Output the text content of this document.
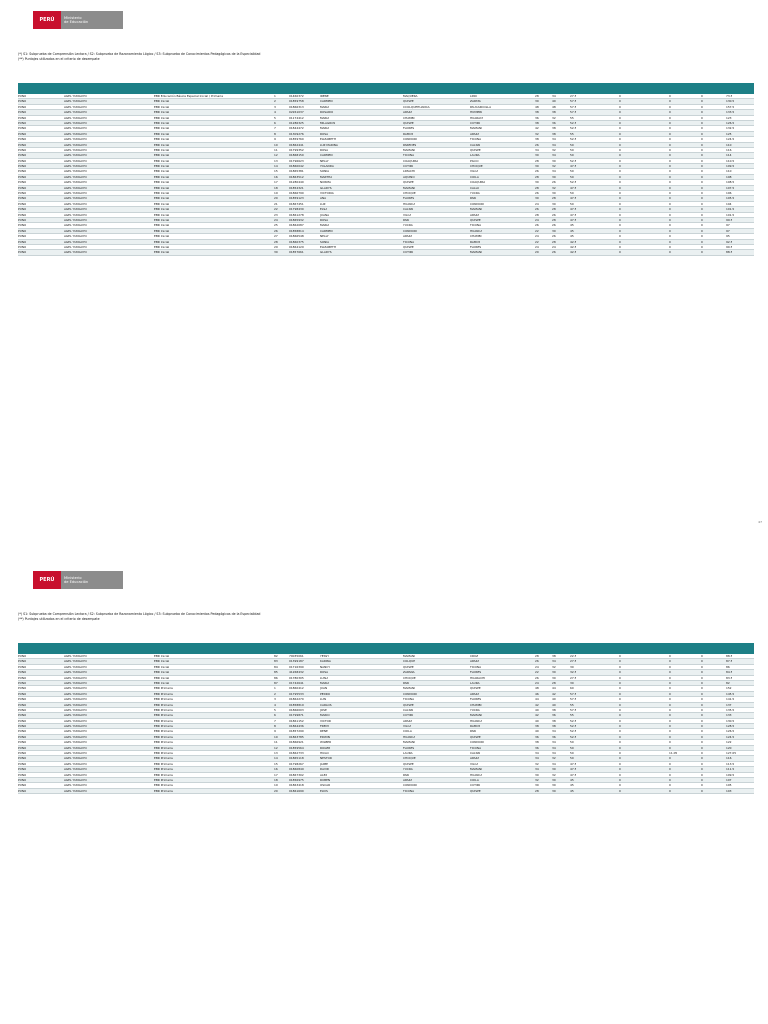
PERÚ	Ministerio
de Educación
(*) S1: Subprueba de Comprensión Lectora / S2: Subprueba de Razonamiento Lógico / S3: Subprueba de Conocimientos Pedagógicos de la Especialidad
(**) Puntajes utilizados en el criterio de desempate
PUNO	AGEL YUNGUYO	EBR Educación Básica Especial Inicial / Primaria	1	01460372	IRENE	MAQUERA	LINO	28	34	27.5	0	0	0	73.5
PUNO	AGEL YUNGUYO	EBR Inicial	2	01859758	CARMEN	QUISPE	ZAPATA	30	40	57.5	0	0	0	130.5
PUNO	AGEL YUNGUYO	EBR Inicial	3	01866313	MARIA	CCOLQUEHUANCA	PAUCARCOLLA	48	48	57.5	0	0	0	157.5
PUNO	AGEL YUNGUYO	EBR Inicial	4	02261037	ROSARIO	APAZA	HUMPIRI	38	38	57.5	0	0	0	133.5
PUNO	AGEL YUNGUYO	EBR Inicial	5	01174412	MARIA	CHAMBI	HUARAYA	36	32	55	0	0	0	123
PUNO	AGEL YUNGUYO	EBR Inicial	6	01286325	MILAGROS	QUISPE	CUTIPA	38	36	52.5	0	0	0	126.5
PUNO	AGEL YUNGUYO	EBR Inicial	7	01844472	MARIA	FLORES	MAMANI	42	38	52.5	0	0	0	132.5
PUNO	AGEL YUNGUYO	EBR Inicial	8	01309276	ROSA	RAMOS	APAZA	32	38	55	0	0	0	125
PUNO	AGEL YUNGUYO	EBR Inicial	9	01859760	ELIZABETH	CONDORI	TICONA	38	34	52.5	0	0	0	124.5
PUNO	AGEL YUNGUYO	EBR Inicial	10	01862441	LUZ MARINA	PAREDES	CALSIN	26	34	50	0	0	0	110
PUNO	AGEL YUNGUYO	EBR Inicial	11	01799352	ROSA	MAMANI	QUISPE	34	32	50	0	0	0	116
PUNO	AGEL YUNGUYO	EBR Inicial	12	01868150	CARMEN	TICONA	LAURA	30	34	50	0	0	0	114
PUNO	AGEL YUNGUYO	EBR Inicial	13	01796623	NELLY	COAQUIRA	PILCO	28	30	52.5	0	0	0	110.5
PUNO	AGEL YUNGUYO	EBR Inicial	14	01860042	YOLANDA	CUTIPA	CHOQUE	30	32	47.5	0	0	0	109.5
PUNO	AGEL YUNGUYO	EBR Inicial	15	01865381	SONIA	LIMACHI	VILCA	26	34	50	0	0	0	110
PUNO	AGEL YUNGUYO	EBR Inicial	16	01863512	MARTHA	AQUINO	COILA	28	30	50	0	0	0	108
PUNO	AGEL YUNGUYO	EBR Inicial	17	01280440	NORMA	QUISPE	COAQUIRA	30	26	52.5	0	0	0	108.5
PUNO	AGEL YUNGUYO	EBR Inicial	18	01854321	GLADYS	MAMANI	CALLO	28	32	47.5	0	0	0	107.5
PUNO	AGEL YUNGUYO	EBR Inicial	19	01866790	VICTORIA	CHOQUE	YUCRA	26	30	50	0	0	0	106
PUNO	AGEL YUNGUYO	EBR Inicial	20	01859123	ANA	FLORES	PARI	30	28	47.5	0	0	0	105.5
PUNO	AGEL YUNGUYO	EBR Inicial	21	01867451	LUZ	HUANCA	CONDORI	24	30	50	0	0	0	104
PUNO	AGEL YUNGUYO	EBR Inicial	22	01798430	ELSA	CALSIN	MAMANI	26	28	47.5	0	0	0	101.5
PUNO	AGEL YUNGUYO	EBR Inicial	23	01861278	JUANA	VILCA	APAZA	28	26	47.5	0	0	0	101.5
PUNO	AGEL YUNGUYO	EBR Inicial	24	01865932	ROSA	PARI	QUISPE	24	28	47.5	0	0	0	99.5
PUNO	AGEL YUNGUYO	EBR Inicial	25	01862087	MARIA	YUCRA	TICONA	26	26	45	0	0	0	97
PUNO	AGEL YUNGUYO	EBR Inicial	26	01858814	CARMEN	CONDORI	HUANCA	22	30	45	0	0	0	97
PUNO	AGEL YUNGUYO	EBR Inicial	27	01866548	NELLY	APAZA	CHAMBI	24	26	45	0	0	0	95
PUNO	AGEL YUNGUYO	EBR Inicial	28	01860375	SONIA	TICONA	RAMOS	22	28	42.5	0	0	0	92.5
PUNO	AGEL YUNGUYO	EBR Inicial	29	01864129	ELIZABETH	QUISPE	FLORES	24	24	42.5	0	0	0	90.5
PUNO	AGEL YUNGUYO	EBR Inicial	30	01857661	GLADYS	CUTIPA	MAMANI	20	26	42.5	0	0	0	88.5
47
PERÚ	Ministerio
de Educación
(*) S1: Subprueba de Comprensión Lectora / S2: Subprueba de Razonamiento Lógico / S3: Subprueba de Conocimientos Pedagógicos de la Especialidad
(**) Puntajes utilizados en el criterio de desempate
PUNO	AGEL YUNGUYO	EBR Inicial	82	70035061	YESSY	MAMANI	CRUZ	28	38	22.5	0	0	0	88.5
PUNO	AGEL YUNGUYO	EBR Inicial	83	01399187	KARINA	COLQUE	APAZA	26	34	27.5	0	0	0	87.5
PUNO	AGEL YUNGUYO	EBR Inicial	84	01716390	NANCY	QUISPE	TICONA	24	32	30	0	0	0	86
PUNO	AGEL YUNGUYO	EBR Inicial	85	41268432	ROSA	ZAPANA	FLORES	22	30	32.5	0	0	0	84.5
PUNO	AGEL YUNGUYO	EBR Inicial	86	01780305	LUISA	CHOQUE	HUARACHI	26	30	27.5	0	0	0	83.5
PUNO	AGEL YUNGUYO	EBR Inicial	87	01742641	MARIA	PARI	LAURA	24	28	30	0	0	0	82
PUNO	AGEL YUNGUYO	EBR Primaria	1	01860412	JUAN	MAMANI	QUISPE	48	44	60	0	0	0	152
PUNO	AGEL YUNGUYO	EBR Primaria	2	01795533	PEDRO	CONDORI	APAZA	46	42	57.5	0	0	0	145.5
PUNO	AGEL YUNGUYO	EBR Primaria	3	01862270	LUIS	TICONA	FLORES	44	40	57.5	0	0	0	141.5
PUNO	AGEL YUNGUYO	EBR Primaria	4	01858819	CARLOS	QUISPE	CHAMBI	42	40	55	0	0	0	137
PUNO	AGEL YUNGUYO	EBR Primaria	5	01866003	JOSE	CALSIN	YUCRA	40	38	57.5	0	0	0	135.5
PUNO	AGEL YUNGUYO	EBR Primaria	6	01799871	MARIO	CUTIPA	MAMANI	42	36	55	0	0	0	133
PUNO	AGEL YUNGUYO	EBR Primaria	7	01861152	VICTOR	APAZA	HUANCA	40	38	52.5	0	0	0	130.5
PUNO	AGEL YUNGUYO	EBR Primaria	8	01864436	FREDY	VILCA	RAMOS	38	38	52.5	0	0	0	128.5
PUNO	AGEL YUNGUYO	EBR Primaria	9	01857290	RENE	COILA	PARI	40	34	52.5	0	0	0	126.5
PUNO	AGEL YUNGUYO	EBR Primaria	10	01863785	EDWIN	HUANCA	QUISPE	36	36	52.5	0	0	0	124.5
PUNO	AGEL YUNGUYO	EBR Primaria	11	01866921	WILBER	MAMANI	CONDORI	38	34	50	0	0	0	122
PUNO	AGEL YUNGUYO	EBR Primaria	12	01859564	ROGER	FLORES	TICONA	36	34	50	0	0	0	120
PUNO	AGEL YUNGUYO	EBR Primaria	13	01862733	HUGO	LAURA	CALSIN	34	34	50	0	11.05	0	127.05
PUNO	AGEL YUNGUYO	EBR Primaria	14	01865118	NESTOR	CHOQUE	APAZA	34	32	50	0	0	0	116
PUNO	AGEL YUNGUYO	EBR Primaria	15	01798267	JAIME	QUISPE	VILCA	32	34	47.5	0	0	0	113.5
PUNO	AGEL YUNGUYO	EBR Primaria	16	01860849	DAVID	YUCRA	MAMANI	34	30	47.5	0	0	0	111.5
PUNO	AGEL YUNGUYO	EBR Primaria	17	01867302	ALEX	PARI	HUANCA	30	32	47.5	0	0	0	109.5
PUNO	AGEL YUNGUYO	EBR Primaria	18	01856975	RUBEN	APAZA	COILA	32	30	45	0	0	0	107
PUNO	AGEL YUNGUYO	EBR Primaria	19	01863418	OSCAR	CONDORI	CUTIPA	30	30	45	0	0	0	105
PUNO	AGEL YUNGUYO	EBR Primaria	20	01861690	ELVIS	TICONA	QUISPE	28	30	45	0	0	0	103
